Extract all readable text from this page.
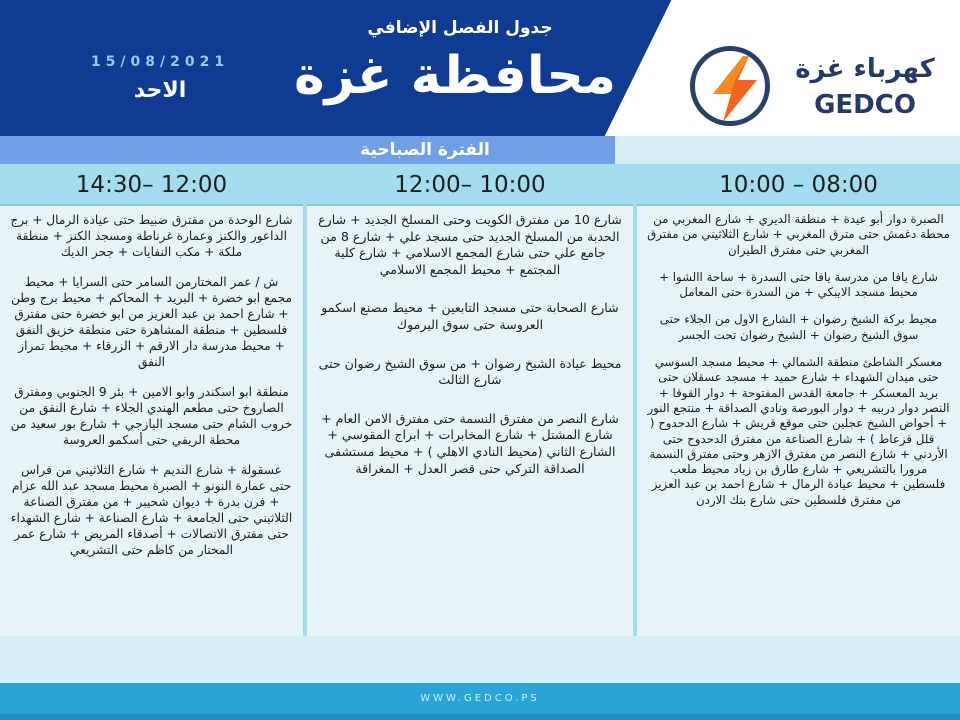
جدول الفصل الإضافي
محافظة غزة
15/08/2021
الاحد
كهرباء غزة
GEDCO
الفترة الصباحية
14:30– 12:00
شارع الوحدة من مفترق ضبيط حتى عيادة الرمال + برج الداعور والكنز وعمارة غرناطة ومسجد الكنز + منطقة ملكة + مكب النفايات + جحر الديك
ش / عمر المختارمن السامر حتى السرايا + محيط مجمع ابو خضرة + البريد + المحاكم + محيط برج وطن + شارع احمد بن عبد العزيز من ابو خضرة حتى مفترق فلسطين + منطقة المشاهرة حتى منطقة خزيق النفق + محيط مدرسة دار الارقم + الزرقاء + محيط تمراز النفق
منطقة ابو اسكندر وابو الامين + بئر 9 الجنوبي ومفترق الصاروخ حتى مطعم الهندي الجلاء + شارع النفق من خروب الشام حتى مسجد اليازجي + شارع بور سعيد من محطة الريفي حتى أسكمو العروسة
عسقولة + شارع النديم + شارع الثلاثيني من فراس حتى عمارة النونو + الصبرة محيط مسجد عبد الله عزام + فرن بدرة + ديوان شحيبر + من مفترق الصناعة الثلاثيني حتى الجامعة + شارع الصناعة + شارع الشهداء حتى مفترق الاتصالات + أصدقاء المريض + شارع عمر المختار من كاظم حتى التشريعي
12:00– 10:00
شارع 10 من مفترق الكويت وحتى المسلخ الجديد + شارع الحدبة من المسلخ الجديد حتى مسجد علي + شارع 8 من جامع علي حتى شارع المجمع الاسلامي + شارع كلية المجتمع + محيط المجمع الاسلامي
شارع الصحابة حتى مسجد التابعين + محيط مصنع اسكمو العروسة حتى سوق اليرموك
محيط عيادة الشيخ رضوان + من سوق الشيخ رضوان حتى شارع الثالث
شارع النصر من مفترق النسمة حتى مفترق الامن العام + شارع المشتل + شارع المخابرات + ابراج المقوسي + الشارع الثاني (محيط النادي الاهلي ) + محيط مستشفى الصداقة التركي حتى قصر العدل + المغراقة
10:00 – 08:00
الصبرة دوار أبو عيدة + منطقة الديري + شارع المغربي من محطة دغمش حتى مترق المغربي + شارع الثلاثيني من مفترق المغربي حتى مفترق الطيران
شارع يافا من مدرسة يافا حتى السدرة + ساحة االشوا + محيط مسجد الايبكي + من السدرة حتى المعامل
محيط بركة الشيخ رضوان + الشارع الاول من الجلاء حتى سوق الشيخ رضوان + الشيخ رضوان تحت الجسر
معسكر الشاطئ منطقة الشمالي + محيط مسجد السوسي حتى ميدان الشهداء + شارع حميد + مسجد عسقلان حتى بريد المعسكر + جامعة القدس المفتوحة + دوار القوقا + النصر دوار دربيه + دوار البورصة ونادي الصداقة + منتجع النور + أحواض الشيخ عجلين حتى موقع قريش + شارع الدحدوح ( قلل قزعاط ) + شارع الصناعة من مفترق الدحدوح حتى الأردني + شارع النصر من مفترق الازهر وحتى مفترق النسمة مرورا بالتشريعي + شارع طارق بن زياد محيط ملعب فلسطين + محيط عيادة الرمال + شارع احمد بن عبد العزيز من مفترق فلسطين حتى شارع بنك الاردن
WWW.GEDCO.PS
